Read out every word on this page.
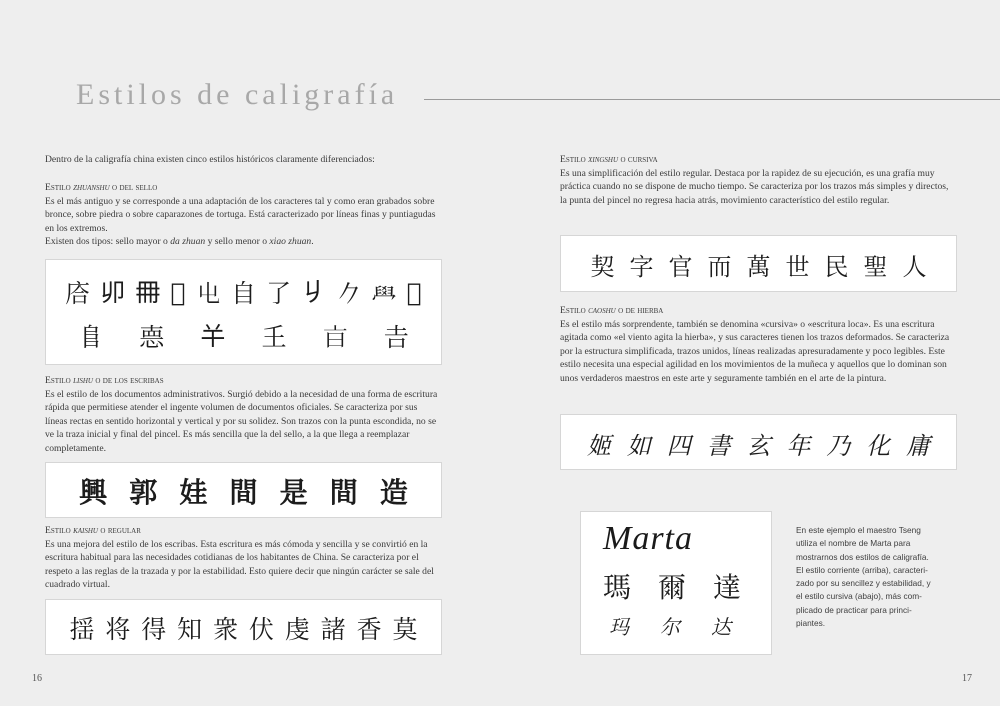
Estilos de caligrafía

Dentro de la caligrafía china existen cinco estilos históricos claramente diferenciados:

Estilo zhuanshu o del sello

Es el más antiguo y se corresponde a una adaptación de los caracteres tal y como eran grabados sobre bronce, sobre piedra o sobre caparazones de tortuga. Está caracterizado por líneas finas y puntiagudas en los extremos.

Existen dos tipos: sello mayor o da zhuan y sello menor o xiao zhuan.

𢈈 𠨍 𠕋 𦓤 𡳾 自 了 𠂈 𠂊 𦥯 𢀳
𨸏 𢛳 𢆉 𡈼 𣅀 𠮷
Estilo lishu o de los escribas

Es el estilo de los documentos administrativos. Surgió debido a la necesidad de una forma de escritura rápida que permitiese atender el ingente volumen de documentos oficiales. Se caracteriza por sus líneas rectas en sentido horizontal y vertical y por su solidez. Son trazos con la punta escondida, no se ve la traza inicial y final del pincel. Es más sencilla que la del sello, a la que llega a reemplazar completamente.

興 郭 娃 間 是 間 造
Estilo kaishu o regular

Es una mejora del estilo de los escribas. Esta escritura es más cómoda y sencilla y se convirtió en la escritura habitual para las necesidades cotidianas de los habitantes de China. Se caracteriza por el respeto a las reglas de la trazada y por la estabilidad. Esto quiere decir que ningún carácter se sale del cuadrado virtual.

揺 将 得 知 衆 伏 虔 諸 香 莫
Estilo xingshu o cursiva

Es una simplificación del estilo regular. Destaca por la rapidez de su ejecución, es una grafía muy práctica cuando no se dispone de mucho tiempo. Se caracteriza por los trazos más simples y directos, la punta del pincel no regresa hacia atrás, movimiento característico del estilo regular.

契 字 官 而 萬 世 民 聖 人
Estilo caoshu o de hierba

Es el estilo más sorprendente, también se denomina «cursiva» o «escritura loca». Es una escritura agitada como «el viento agita la hierba», y sus caracteres tienen los trazos deformados. Se caracteriza por la estructura simplificada, trazos unidos, líneas realizadas apresuradamente y poco legibles. Este estilo necesita una especial agilidad en los movimientos de la muñeca y aquellos que lo dominan son unos verdaderos maestros en este arte y seguramente también en el arte de la pintura.

姬 如 四 書 玄 年 乃 化 庸
Marta
瑪 爾 達
玛 尔 达
En este ejemplo el maestro Tseng utiliza el nombre de Marta para mostrarnos dos estilos de caligrafía. El estilo corriente (arriba), caracteri-zado por su sencillez y estabilidad, y el estilo cursiva (abajo), más com-plicado de practicar para princi-piantes.
16	17
